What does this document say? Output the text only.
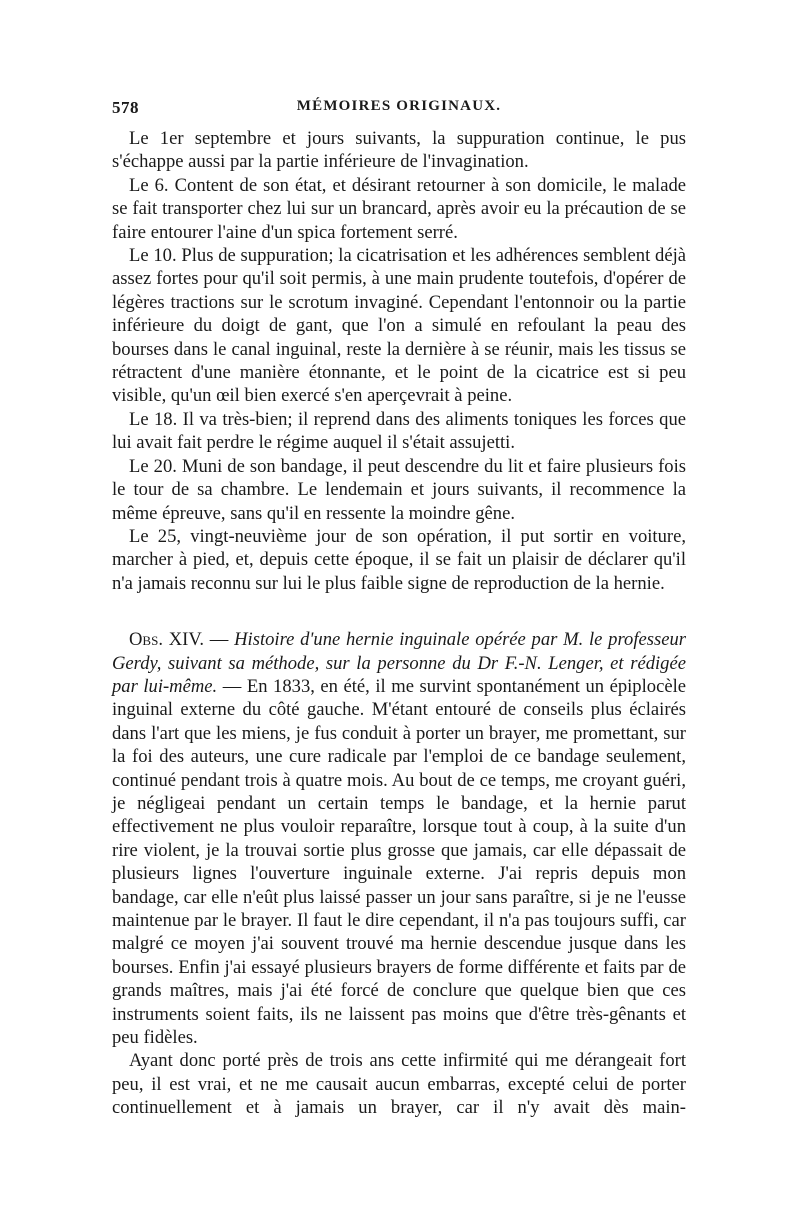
578	MÉMOIRES ORIGINAUX.

Le 1er septembre et jours suivants, la suppuration continue, le pus s'échappe aussi par la partie inférieure de l'invagination.

Le 6. Content de son état, et désirant retourner à son domicile, le malade se fait transporter chez lui sur un brancard, après avoir eu la précaution de se faire entourer l'aine d'un spica fortement serré.

Le 10. Plus de suppuration; la cicatrisation et les adhérences semblent déjà assez fortes pour qu'il soit permis, à une main prudente toutefois, d'opérer de légères tractions sur le scrotum invaginé. Cependant l'entonnoir ou la partie inférieure du doigt de gant, que l'on a simulé en refoulant la peau des bourses dans le canal inguinal, reste la dernière à se réunir, mais les tissus se rétractent d'une manière étonnante, et le point de la cicatrice est si peu visible, qu'un œil bien exercé s'en aperçevrait à peine.

Le 18. Il va très-bien; il reprend dans des aliments toniques les forces que lui avait fait perdre le régime auquel il s'était assujetti.

Le 20. Muni de son bandage, il peut descendre du lit et faire plusieurs fois le tour de sa chambre. Le lendemain et jours suivants, il recommence la même épreuve, sans qu'il en ressente la moindre gêne.

Le 25, vingt-neuvième jour de son opération, il put sortir en voiture, marcher à pied, et, depuis cette époque, il se fait un plaisir de déclarer qu'il n'a jamais reconnu sur lui le plus faible signe de reproduction de la hernie.

Obs. XIV. — Histoire d'une hernie inguinale opérée par M. le professeur Gerdy, suivant sa méthode, sur la personne du Dr F.-N. Lenger, et rédigée par lui-même. — En 1833, en été, il me survint spontanément un épiplocèle inguinal externe du côté gauche. M'étant entouré de conseils plus éclairés dans l'art que les miens, je fus conduit à porter un brayer, me promettant, sur la foi des auteurs, une cure radicale par l'emploi de ce bandage seulement, continué pendant trois à quatre mois. Au bout de ce temps, me croyant guéri, je négligeai pendant un certain temps le bandage, et la hernie parut effectivement ne plus vouloir reparaître, lorsque tout à coup, à la suite d'un rire violent, je la trouvai sortie plus grosse que jamais, car elle dépassait de plusieurs lignes l'ouverture inguinale externe. J'ai repris depuis mon bandage, car elle n'eût plus laissé passer un jour sans paraître, si je ne l'eusse maintenue par le brayer. Il faut le dire cependant, il n'a pas toujours suffi, car malgré ce moyen j'ai souvent trouvé ma hernie descendue jusque dans les bourses. Enfin j'ai essayé plusieurs brayers de forme différente et faits par de grands maîtres, mais j'ai été forcé de conclure que quelque bien que ces instruments soient faits, ils ne laissent pas moins que d'être très-gênants et peu fidèles.

Ayant donc porté près de trois ans cette infirmité qui me dérangeait fort peu, il est vrai, et ne me causait aucun embarras, excepté celui de porter continuellement et à jamais un brayer, car il n'y avait dès main-
